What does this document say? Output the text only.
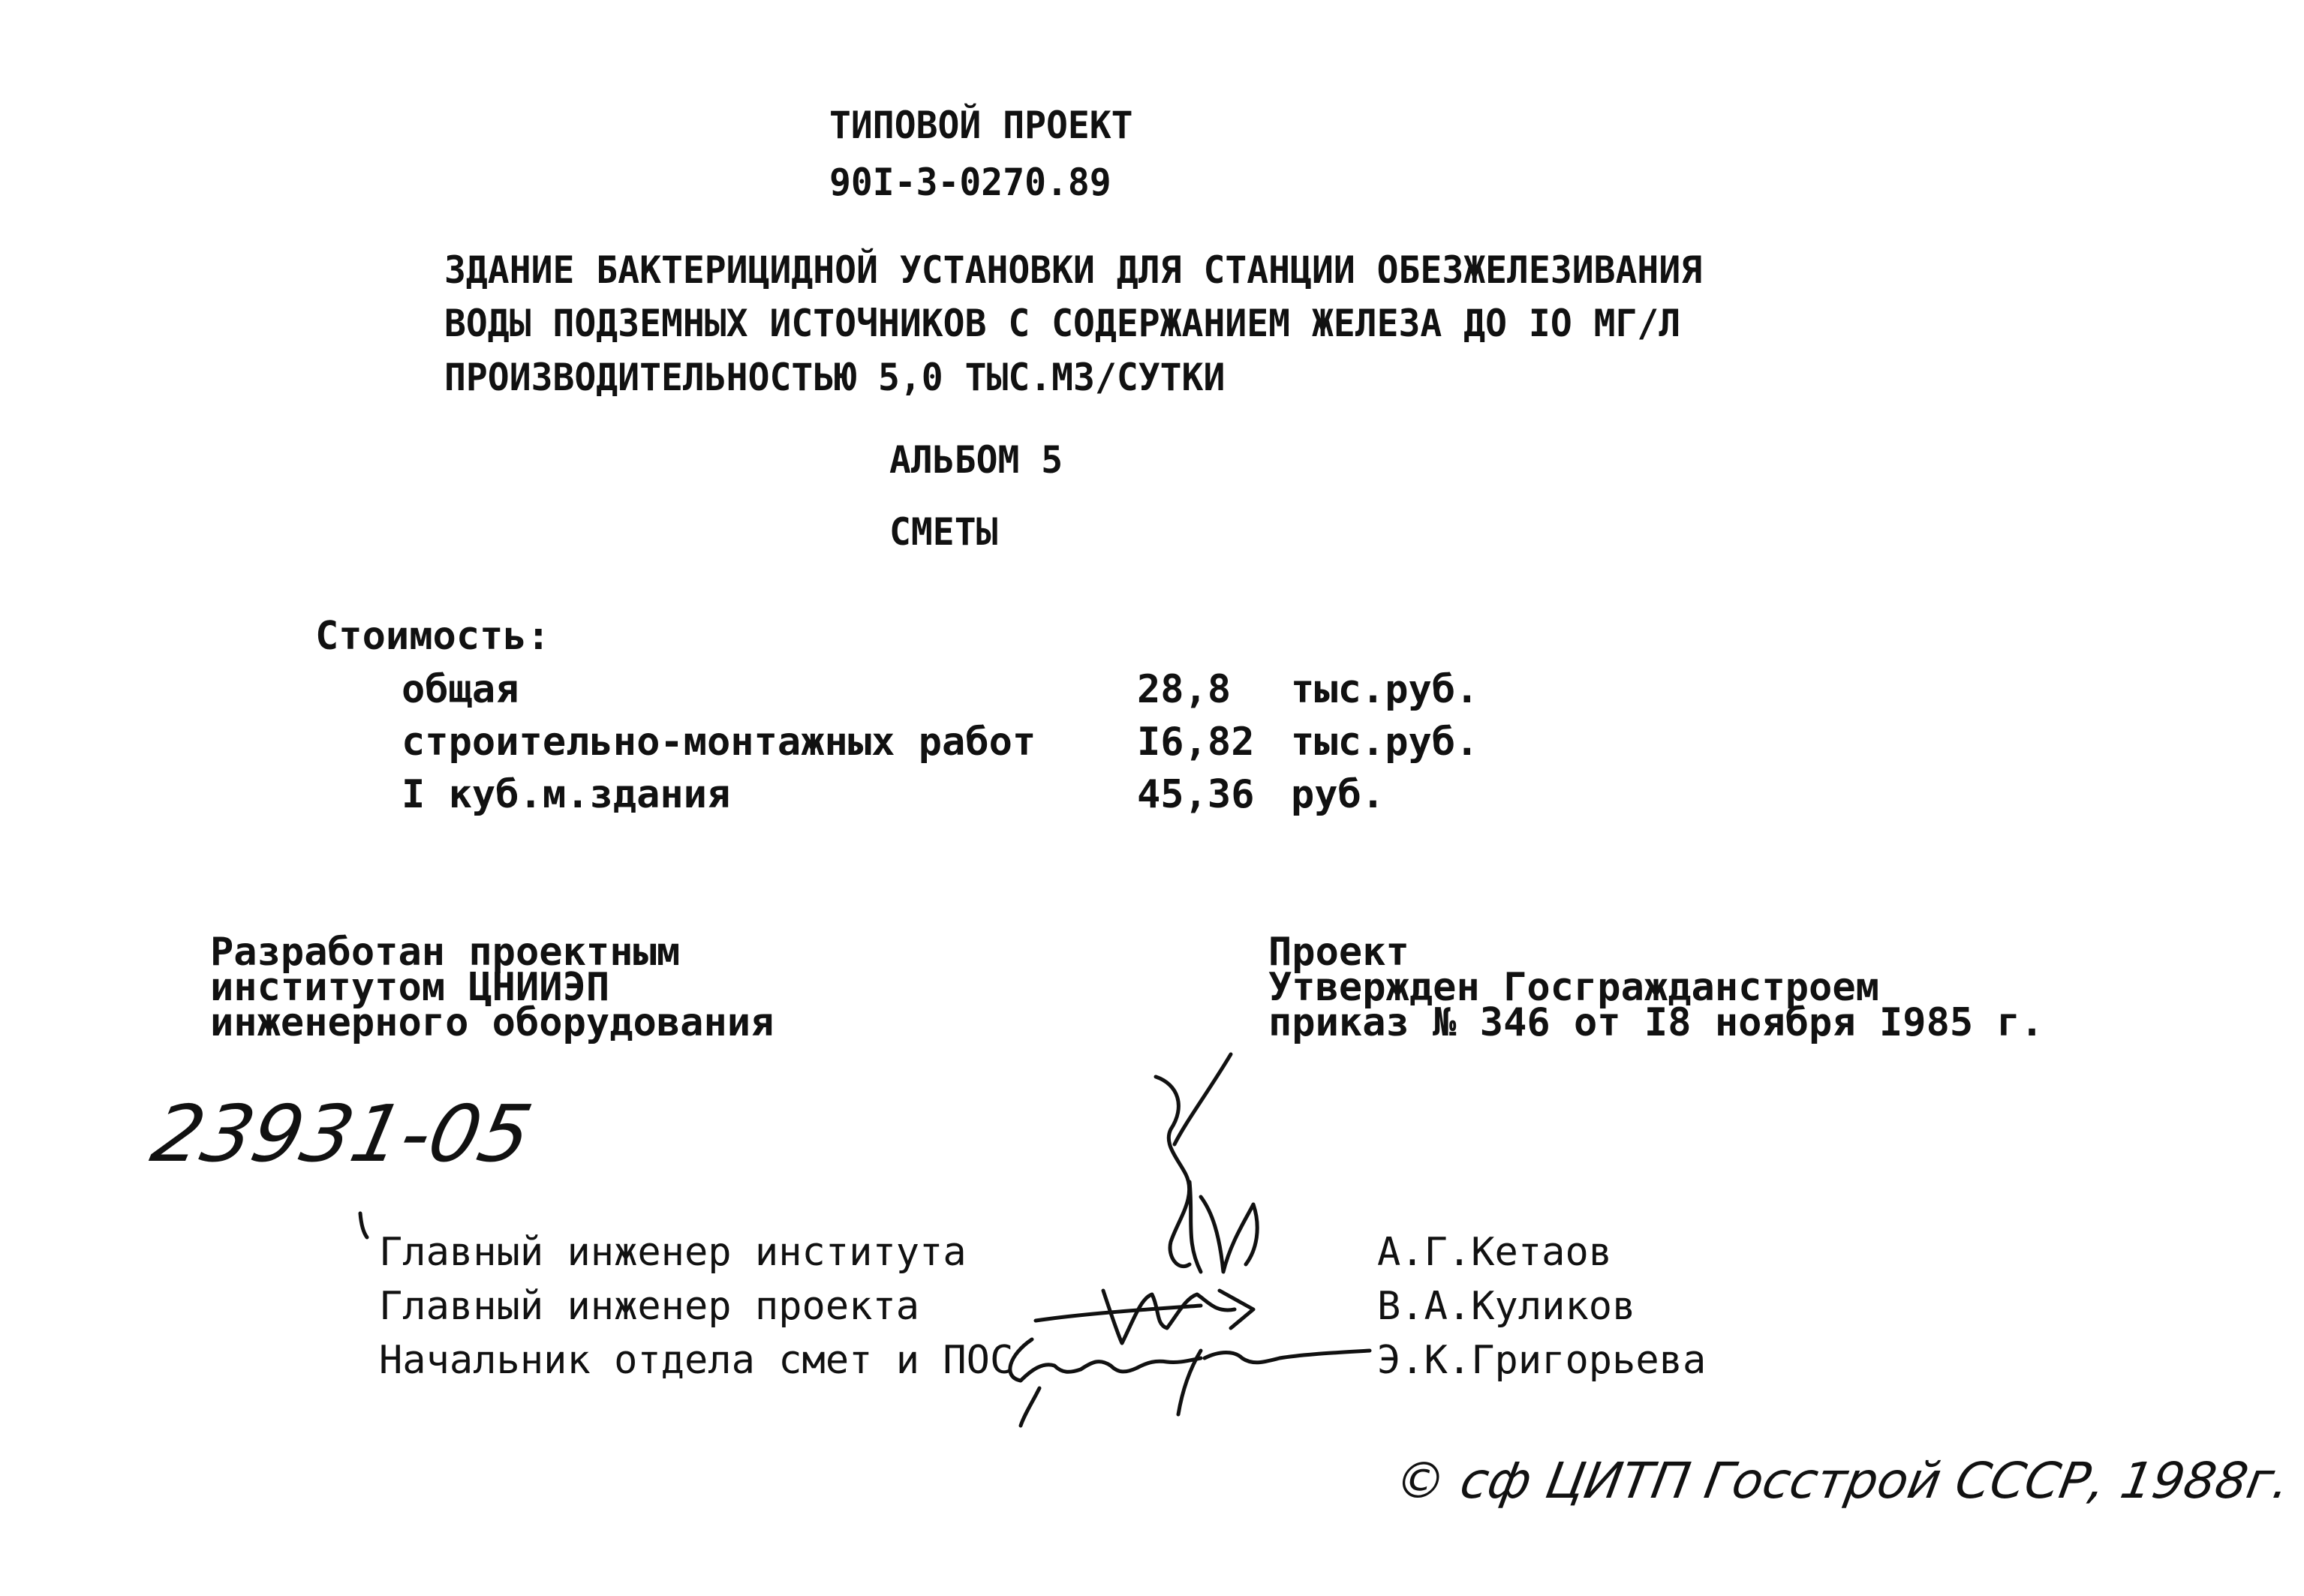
ТИПОВОЙ ПРОЕКТ
90I-3-0270.89
ЗДАНИЕ БАКТЕРИЦИДНОЙ УСТАНОВКИ ДЛЯ СТАНЦИИ ОБЕЗЖЕЛЕЗИВАНИЯ
ВОДЫ ПОДЗЕМНЫХ ИСТОЧНИКОВ С СОДЕРЖАНИЕМ ЖЕЛЕЗА ДО IO МГ/Л
ПРОИЗВОДИТЕЛЬНОСТЬЮ 5,0 ТЫС.М3/СУТКИ
АЛЬБОМ 5
СМЕТЫ
Стоимость:
общая	28,8 тыс.руб.
строительно-монтажных работ	I6,82 тыс.руб.
I куб.м.здания	45,36 руб.
Разработан проектным
институтом ЦНИИЭП
инженерного оборудования
Проект
Утвержден Госгражданстроем
приказ № 346 от I8 ноября I985 г.
23931-05
Главный инженер института	А.Г.Кетаов
Главный инженер проекта	В.А.Куликов
Начальник отдела смет и ПОС	Э.К.Григорьева
© сф ЦИТП Госстрой СССР, 1988г.
